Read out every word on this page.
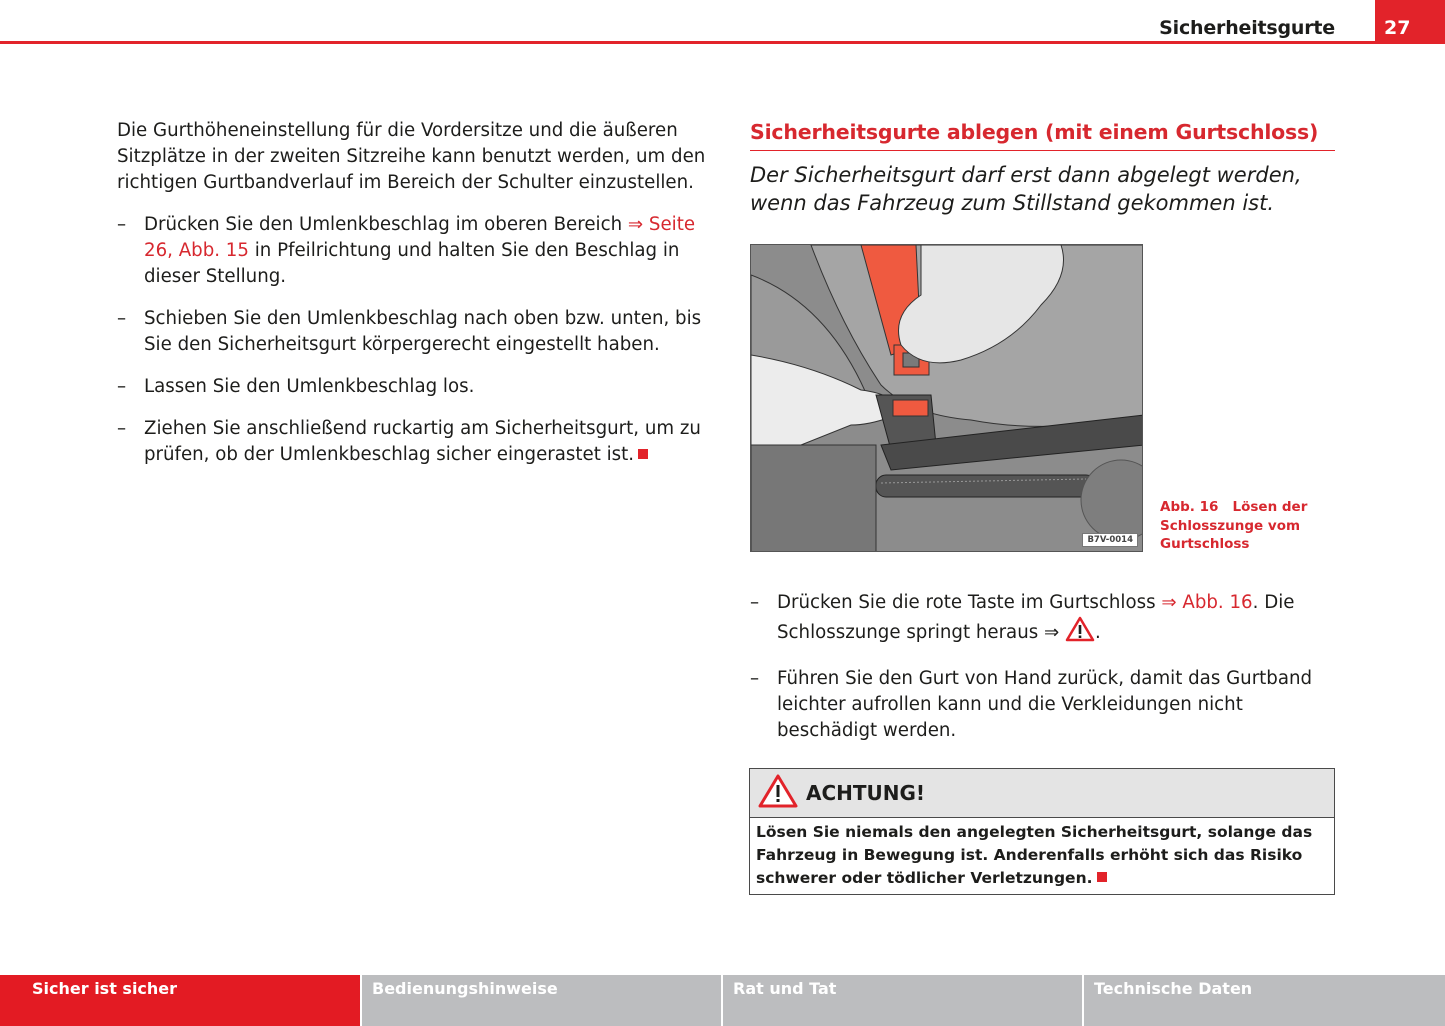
Sicherheitsgurte	27

Die Gurthöheneinstellung für die Vordersitze und die äußeren Sitzplätze in der zweiten Sitzreihe kann benutzt werden, um den richtigen Gurtbandverlauf im Bereich der Schulter einzustellen.

– Drücken Sie den Umlenkbeschlag im oberen Bereich ⇒ Seite 26, Abb. 15 in Pfeilrichtung und halten Sie den Beschlag in dieser Stellung.
– Schieben Sie den Umlenkbeschlag nach oben bzw. unten, bis Sie den Sicherheitsgurt körpergerecht eingestellt haben.
– Lassen Sie den Umlenkbeschlag los.
– Ziehen Sie anschließend ruckartig am Sicherheitsgurt, um zu prüfen, ob der Umlenkbeschlag sicher eingerastet ist.
Sicherheitsgurte ablegen (mit einem Gurtschloss)

Der Sicherheitsgurt darf erst dann abgelegt werden, wenn das Fahrzeug zum Stillstand gekommen ist.

B7V-0014
Abb. 16 Lösen der Schlosszunge vom Gurtschloss
– Drücken Sie die rote Taste im Gurtschloss ⇒ Abb. 16. Die Schlosszunge springt heraus ⇒ .
– Führen Sie den Gurt von Hand zurück, damit das Gurtband leichter aufrollen kann und die Verkleidungen nicht beschädigt werden.
ACHTUNG!
Lösen Sie niemals den angelegten Sicherheitsgurt, solange das Fahrzeug in Bewegung ist. Anderenfalls erhöht sich das Risiko schwerer oder tödlicher Verletzungen.
Sicher ist sicher	Bedienungshinweise	Rat und Tat	Technische Daten
